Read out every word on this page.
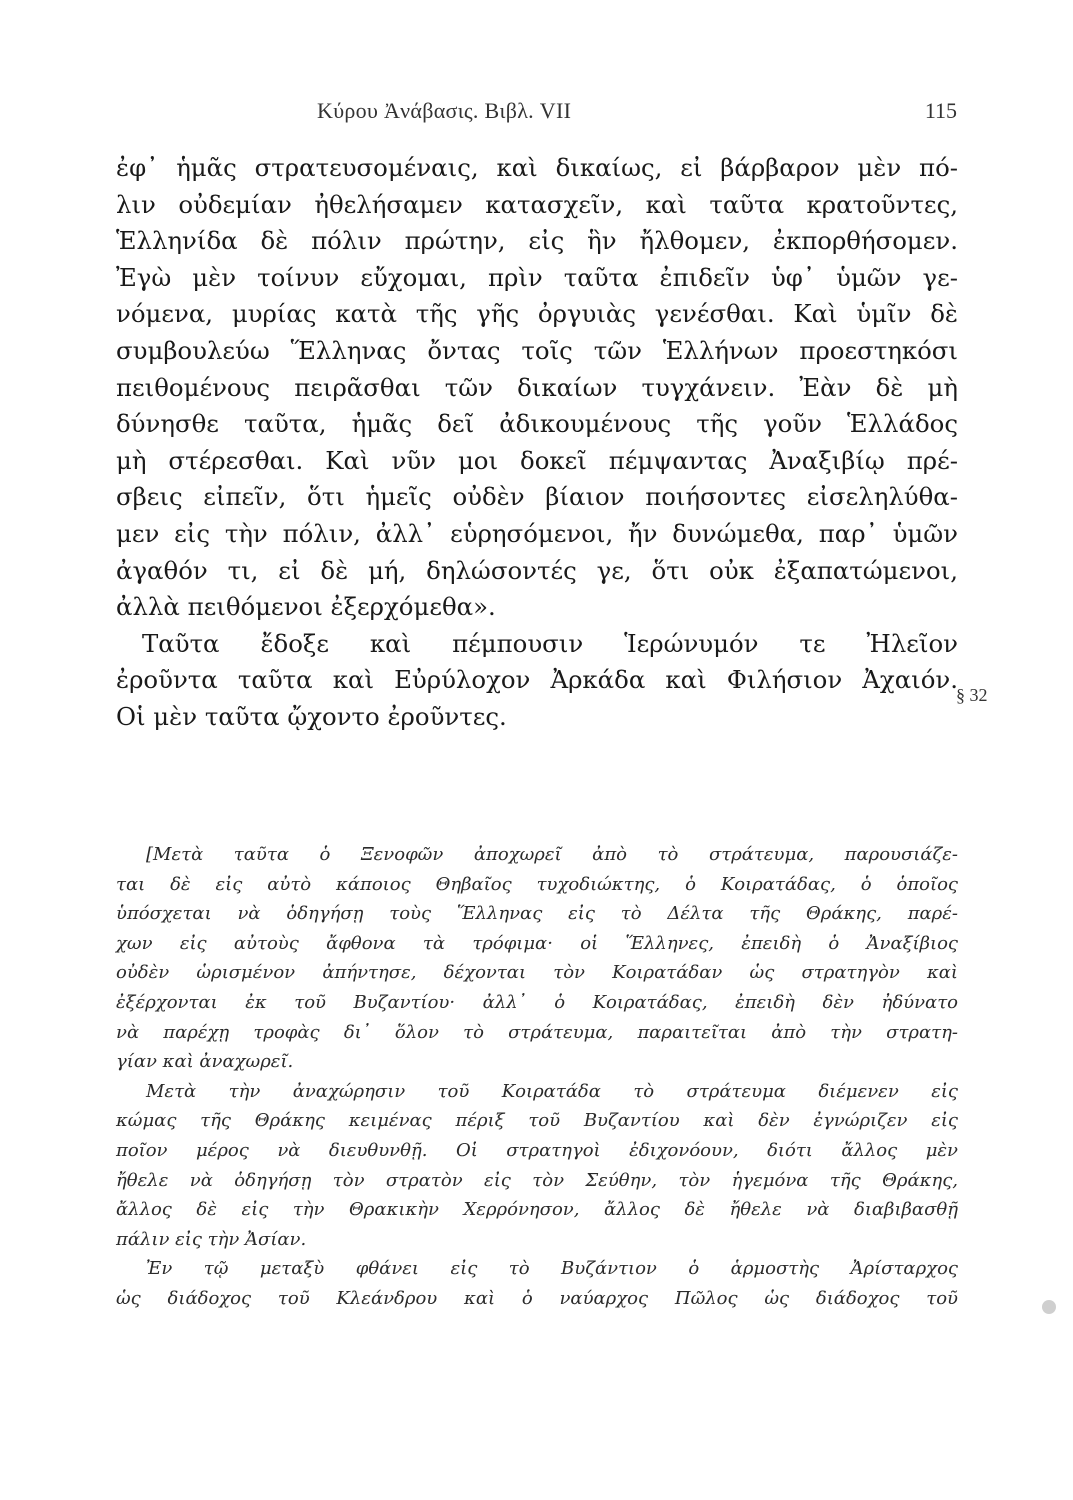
Κύρου Ἀνάβασις. Βιβλ. VII	115
ἐφ᾽ ἡμᾶς στρατευσομέναις, καὶ δικαίως, εἰ βάρβαρον μὲν πό-
λιν οὐδεμίαν ἠθελήσαμεν κατασχεῖν, καὶ ταῦτα κρατοῦντες,
Ἑλληνίδα δὲ πόλιν πρώτην, εἰς ἣν ἤλθομεν, ἐκπορθήσομεν.
Ἐγὼ μὲν τοίνυν εὔχομαι, πρὶν ταῦτα ἐπιδεῖν ὑφ᾽ ὑμῶν γε-
νόμενα, μυρίας κατὰ τῆς γῆς ὀργυιὰς γενέσθαι. Καὶ ὑμῖν δὲ
συμβουλεύω Ἕλληνας ὄντας τοῖς τῶν Ἑλλήνων προεστηκόσι
πειθομένους πειρᾶσθαι τῶν δικαίων τυγχάνειν. Ἐὰν δὲ μὴ
δύνησθε ταῦτα, ἡμᾶς δεῖ ἀδικουμένους τῆς γοῦν Ἑλλάδος
μὴ στέρεσθαι. Καὶ νῦν μοι δοκεῖ πέμψαντας Ἀναξιβίῳ πρέ-
σβεις εἰπεῖν, ὅτι ἡμεῖς οὐδὲν βίαιον ποιήσοντες εἰσεληλύθα-
μεν εἰς τὴν πόλιν, ἀλλ᾽ εὑρησόμενοι, ἤν δυνώμεθα, παρ᾽ ὑμῶν
ἀγαθόν τι, εἰ δὲ μή, δηλώσοντές γε, ὅτι οὐκ ἐξαπατώμενοι,
ἀλλὰ πειθόμενοι ἐξερχόμεθα».
Ταῦτα ἔδοξε καὶ πέμπουσιν Ἱερώνυμόν τε Ἠλεῖον
ἐροῦντα ταῦτα καὶ Εὐρύλοχον Ἀρκάδα καὶ Φιλήσιον Ἀχαιόν.
Οἱ μὲν ταῦτα ᾤχοντο ἐροῦντες.
§ 32
[Μετὰ ταῦτα ὁ Ξενοφῶν ἀποχωρεῖ ἀπὸ τὸ στράτευμα, παρουσιάζε-
ται δὲ εἰς αὐτὸ κάποιος Θηβαῖος τυχοδιώκτης, ὁ Κοιρατάδας, ὁ ὁποῖος
ὑπόσχεται νὰ ὁδηγήσῃ τοὺς Ἕλληνας εἰς τὸ Δέλτα τῆς Θράκης, παρέ-
χων εἰς αὐτοὺς ἄφθονα τὰ τρόφιμα· οἱ Ἕλληνες, ἐπειδὴ ὁ Ἀναξίβιος
οὐδὲν ὡρισμένον ἀπήντησε, δέχονται τὸν Κοιρατάδαν ὡς στρατηγὸν καὶ
ἐξέρχονται ἐκ τοῦ Βυζαντίου· ἀλλ᾽ ὁ Κοιρατάδας, ἐπειδὴ δὲν ἠδύνατο
νὰ παρέχῃ τροφὰς δι᾽ ὅλον τὸ στράτευμα, παραιτεῖται ἀπὸ τὴν στρατη-
γίαν καὶ ἀναχωρεῖ.
Μετὰ τὴν ἀναχώρησιν τοῦ Κοιρατάδα τὸ στράτευμα διέμενεν εἰς
κώμας τῆς Θράκης κειμένας πέριξ τοῦ Βυζαντίου καὶ δὲν ἐγνώριζεν εἰς
ποῖον μέρος νὰ διευθυνθῇ. Οἱ στρατηγοὶ ἐδιχονόουν, διότι ἄλλος μὲν
ἤθελε νὰ ὁδηγήσῃ τὸν στρατὸν εἰς τὸν Σεύθην, τὸν ἡγεμόνα τῆς Θράκης,
ἄλλος δὲ εἰς τὴν Θρακικὴν Χερρόνησον, ἄλλος δὲ ἤθελε νὰ διαβιβασθῇ
πάλιν εἰς τὴν Ἀσίαν.
Ἐν τῷ μεταξὺ φθάνει εἰς τὸ Βυζάντιον ὁ ἁρμοστὴς Ἀρίσταρχος
ὡς διάδοχος τοῦ Κλεάνδρου καὶ ὁ ναύαρχος Πῶλος ὡς διάδοχος τοῦ
